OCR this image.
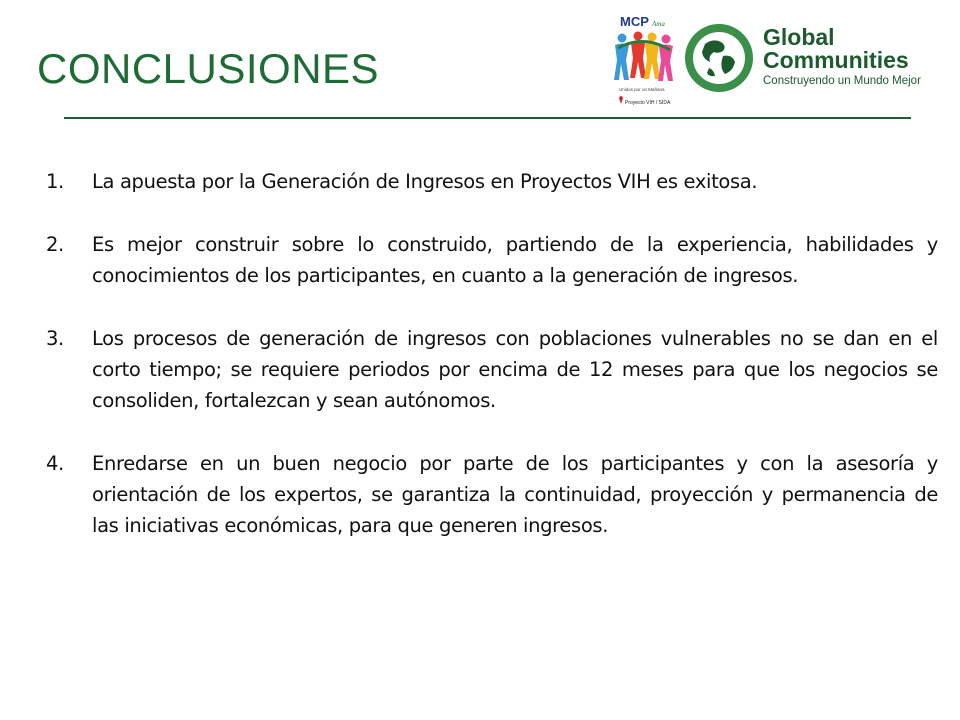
CONCLUSIONES
MCP Ama
Unidos por un Mañana
Proyecto VIH / SIDA
Global
Communities
Construyendo un Mundo Mejor
1.	La apuesta por la Generación de Ingresos en Proyectos VIH es exitosa.
2.	Es mejor construir sobre lo construido, partiendo de la experiencia, habilidades y conocimientos de los participantes, en cuanto a la generación de ingresos.
3.	Los procesos de generación de ingresos con poblaciones vulnerables no se dan en el corto tiempo; se requiere periodos por encima de 12 meses para que los negocios se consoliden, fortalezcan y sean autónomos.
4.	Enredarse en un buen negocio por parte de los participantes y con la asesoría y orientación de los expertos, se garantiza la continuidad, proyección y permanencia de las iniciativas económicas, para que generen ingresos.
